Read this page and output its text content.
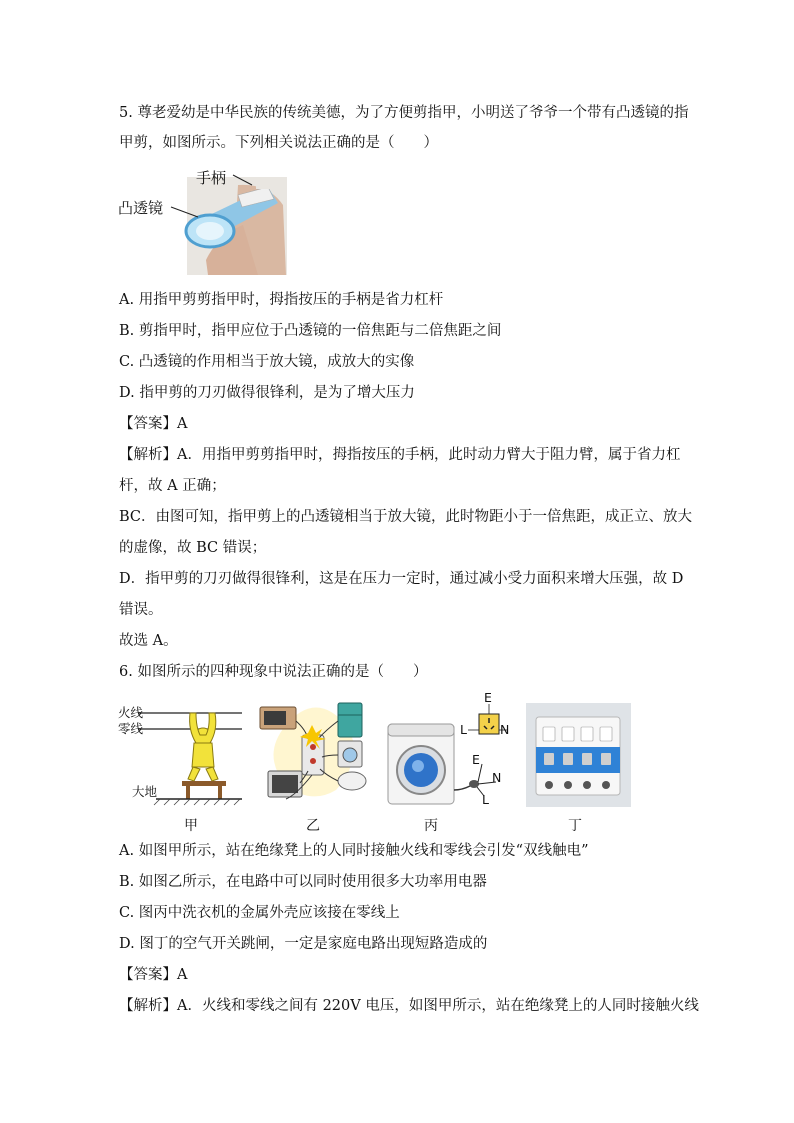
5. 尊老爱幼是中华民族的传统美德，为了方便剪指甲，小明送了爷爷一个带有凸透镜的指
甲剪，如图所示。下列相关说法正确的是（　　）
手柄
凸透镜
A. 用指甲剪剪指甲时，拇指按压的手柄是省力杠杆
B. 剪指甲时，指甲应位于凸透镜的一倍焦距与二倍焦距之间
C. 凸透镜的作用相当于放大镜，成放大的实像
D. 指甲剪的刀刃做得很锋利，是为了增大压力
【答案】A
【解析】A．用指甲剪剪指甲时，拇指按压的手柄，此时动力臂大于阻力臂，属于省力杠
杆，故 A 正确；
BC．由图可知，指甲剪上的凸透镜相当于放大镜，此时物距小于一倍焦距，成正立、放大
的虚像，故 BC 错误；
D．指甲剪的刀刃做得很锋利，这是在压力一定时，通过减小受力面积来增大压强，故 D
错误。
故选 A。
6. 如图所示的四种现象中说法正确的是（　　）
火线
零线
大地
E
L	N
E
N
L
甲	乙	丙	丁
A. 如图甲所示，站在绝缘凳上的人同时接触火线和零线会引发“双线触电”
B. 如图乙所示，在电路中可以同时使用很多大功率用电器
C. 图丙中洗衣机的金属外壳应该接在零线上
D. 图丁的空气开关跳闸，一定是家庭电路出现短路造成的
【答案】A
【解析】A．火线和零线之间有 220V 电压，如图甲所示，站在绝缘凳上的人同时接触火线
